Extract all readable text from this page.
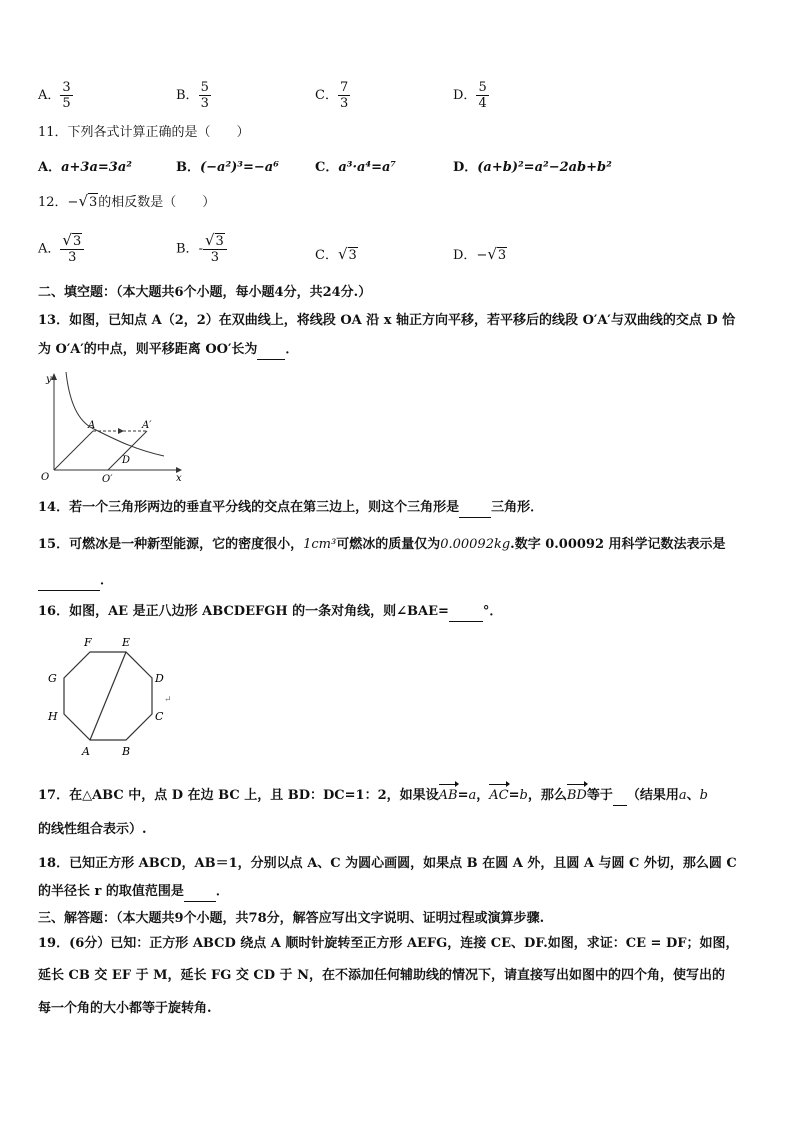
A． $\frac{3}{5}$	B． $\frac{5}{3}$	C． $\frac{7}{3}$	D． $\frac{5}{4}$
11．下列各式计算正确的是（　　）
A．a+3a=3a²	B．(−a²)³=−a⁶	C．a³·a⁴=a⁷	D．(a+b)²=a²−2ab+b²
12．−√3的相反数是（　　）
A． $\frac{√3}{3}$	B．- $\frac{√3}{3}$	C．√3	D．−√3
二、填空题：（本大题共6个小题，每小题4分，共24分.）
13．如图，已知点 A（2，2）在双曲线上，将线段 OA 沿 x 轴正方向平移，若平移后的线段 O′A′与双曲线的交点 D 恰
为 O′A′的中点，则平移距离 OO′长为 ．
y
x
O
A	A′
D
O′
14．若一个三角形两边的垂直平分线的交点在第三边上，则这个三角形是 三角形．
15．可燃冰是一种新型能源，它的密度很小，1cm³可燃冰的质量仅为0.00092kg.数字 0.00092 用科学记数法表示是
．
16．如图，AE 是正八边形 ABCDEFGH 的一条对角线，则∠BAE=	°．
F	E
G	D
H	C
A	B
↵
17．在△ABC 中，点 D 在边 BC 上，且 BD：DC=1：2，如果设AB=a，AC=b，那么BD等于 （结果用a、b
的线性组合表示）.
18．已知正方形 ABCD，AB＝1，分别以点 A、C 为圆心画圆，如果点 B 在圆 A 外，且圆 A 与圆 C 外切，那么圆 C
的半径长 r 的取值范围是 ．
三、解答题：（本大题共9个小题，共78分，解答应写出文字说明、证明过程或演算步骤.
19．(6分）已知：正方形 ABCD 绕点 A 顺时针旋转至正方形 AEFG，连接 CE、DF.如图，求证：CE = DF；如图，
延长 CB 交 EF 于 M，延长 FG 交 CD 于 N，在不添加任何辅助线的情况下，请直接写出如图中的四个角，使写出的
每一个角的大小都等于旋转角.
